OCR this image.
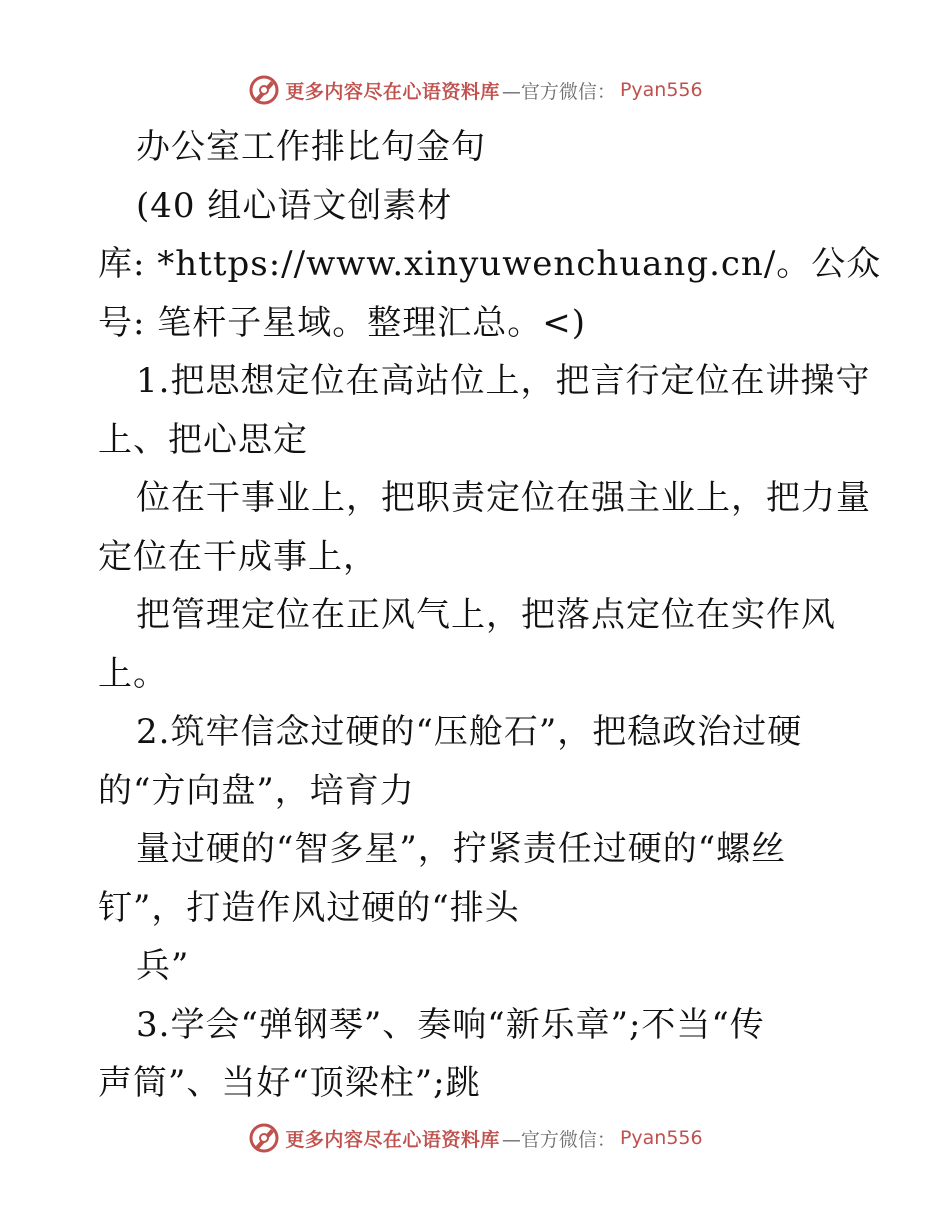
更多内容尽在心语资料库 —官方微信： Pyan556
办公室工作排比句金句
(40 组心语文创素材
库: *https://www.xinyuwenchuang.cn/。公众
号: 笔杆子星域。整理汇总。<)
1.把思想定位在高站位上，把言行定位在讲操守
上、把心思定
位在干事业上，把职责定位在强主业上，把力量
定位在干成事上，
把管理定位在正风气上，把落点定位在实作风
上。
2.筑牢信念过硬的“压舱石”，把稳政治过硬
的“方向盘”，培育力
量过硬的“智多星”，拧紧责任过硬的“螺丝
钉”，打造作风过硬的“排头
兵”
3.学会“弹钢琴”、奏响“新乐章”;不当“传
声筒”、当好“顶梁柱”;跳
更多内容尽在心语资料库 —官方微信： Pyan556
